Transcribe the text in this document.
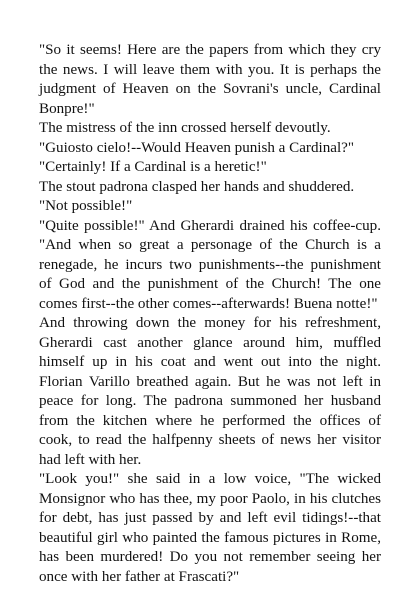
"So it seems! Here are the papers from which they cry the news. I will leave them with you. It is perhaps the judgment of Heaven on the Sovrani's uncle, Cardinal Bonpre!"

The mistress of the inn crossed herself devoutly.

"Guiosto cielo!--Would Heaven punish a Cardinal?"

"Certainly! If a Cardinal is a heretic!"

The stout padrona clasped her hands and shuddered.

"Not possible!"

"Quite possible!" And Gherardi drained his coffee-cup. "And when so great a personage of the Church is a renegade, he incurs two punishments--the punishment of God and the punishment of the Church! The one comes first--the other comes--afterwards! Buena notte!"

And throwing down the money for his refreshment, Gherardi cast another glance around him, muffled himself up in his coat and went out into the night. Florian Varillo breathed again. But he was not left in peace for long. The padrona summoned her husband from the kitchen where he performed the offices of cook, to read the halfpenny sheets of news her visitor had left with her.

"Look you!" she said in a low voice, "The wicked Monsignor who has thee, my poor Paolo, in his clutches for debt, has just passed by and left evil tidings!--that beautiful girl who painted the famous pictures in Rome, has been murdered! Do you not remember seeing her once with her father at Frascati?"
